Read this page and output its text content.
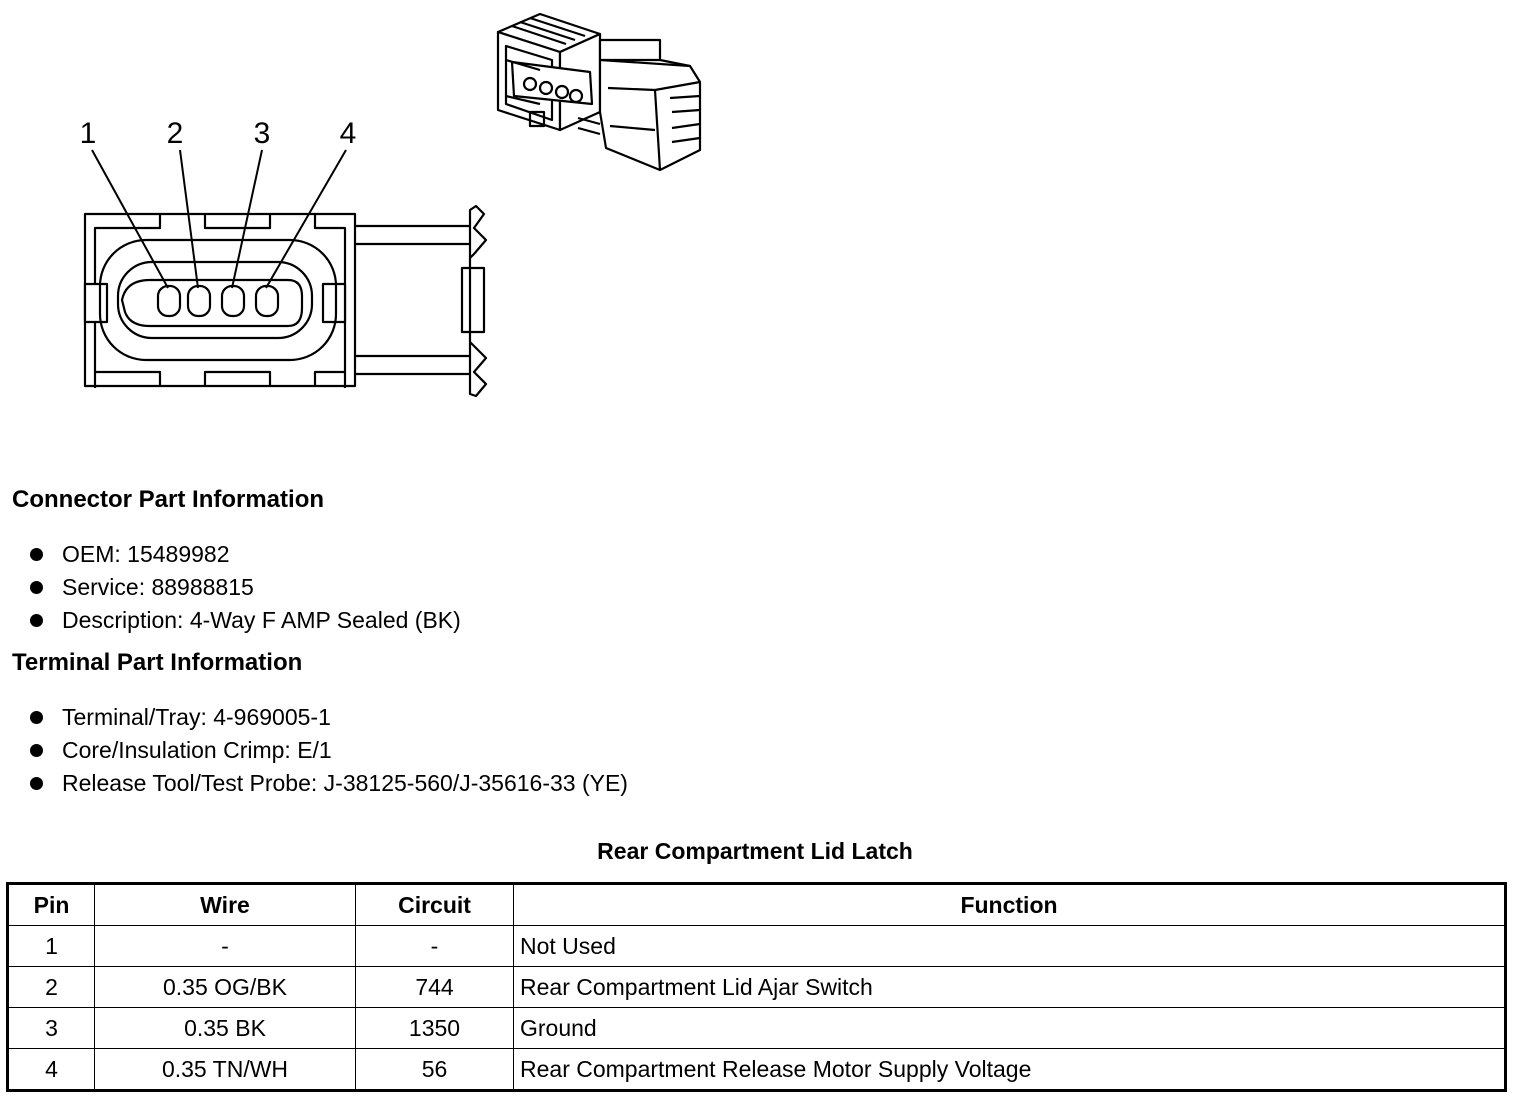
1 2 3 4
Connector Part Information
OEM: 15489982
Service: 88988815
Description: 4-Way F AMP Sealed (BK)
Terminal Part Information
Terminal/Tray: 4-969005-1
Core/Insulation Crimp: E/1
Release Tool/Test Probe: J-38125-560/J-35616-33 (YE)
Rear Compartment Lid Latch
Pin	Wire	Circuit	Function
1	-	-	Not Used
2	0.35 OG/BK	744	Rear Compartment Lid Ajar Switch
3	0.35 BK	1350	Ground
4	0.35 TN/WH	56	Rear Compartment Release Motor Supply Voltage
